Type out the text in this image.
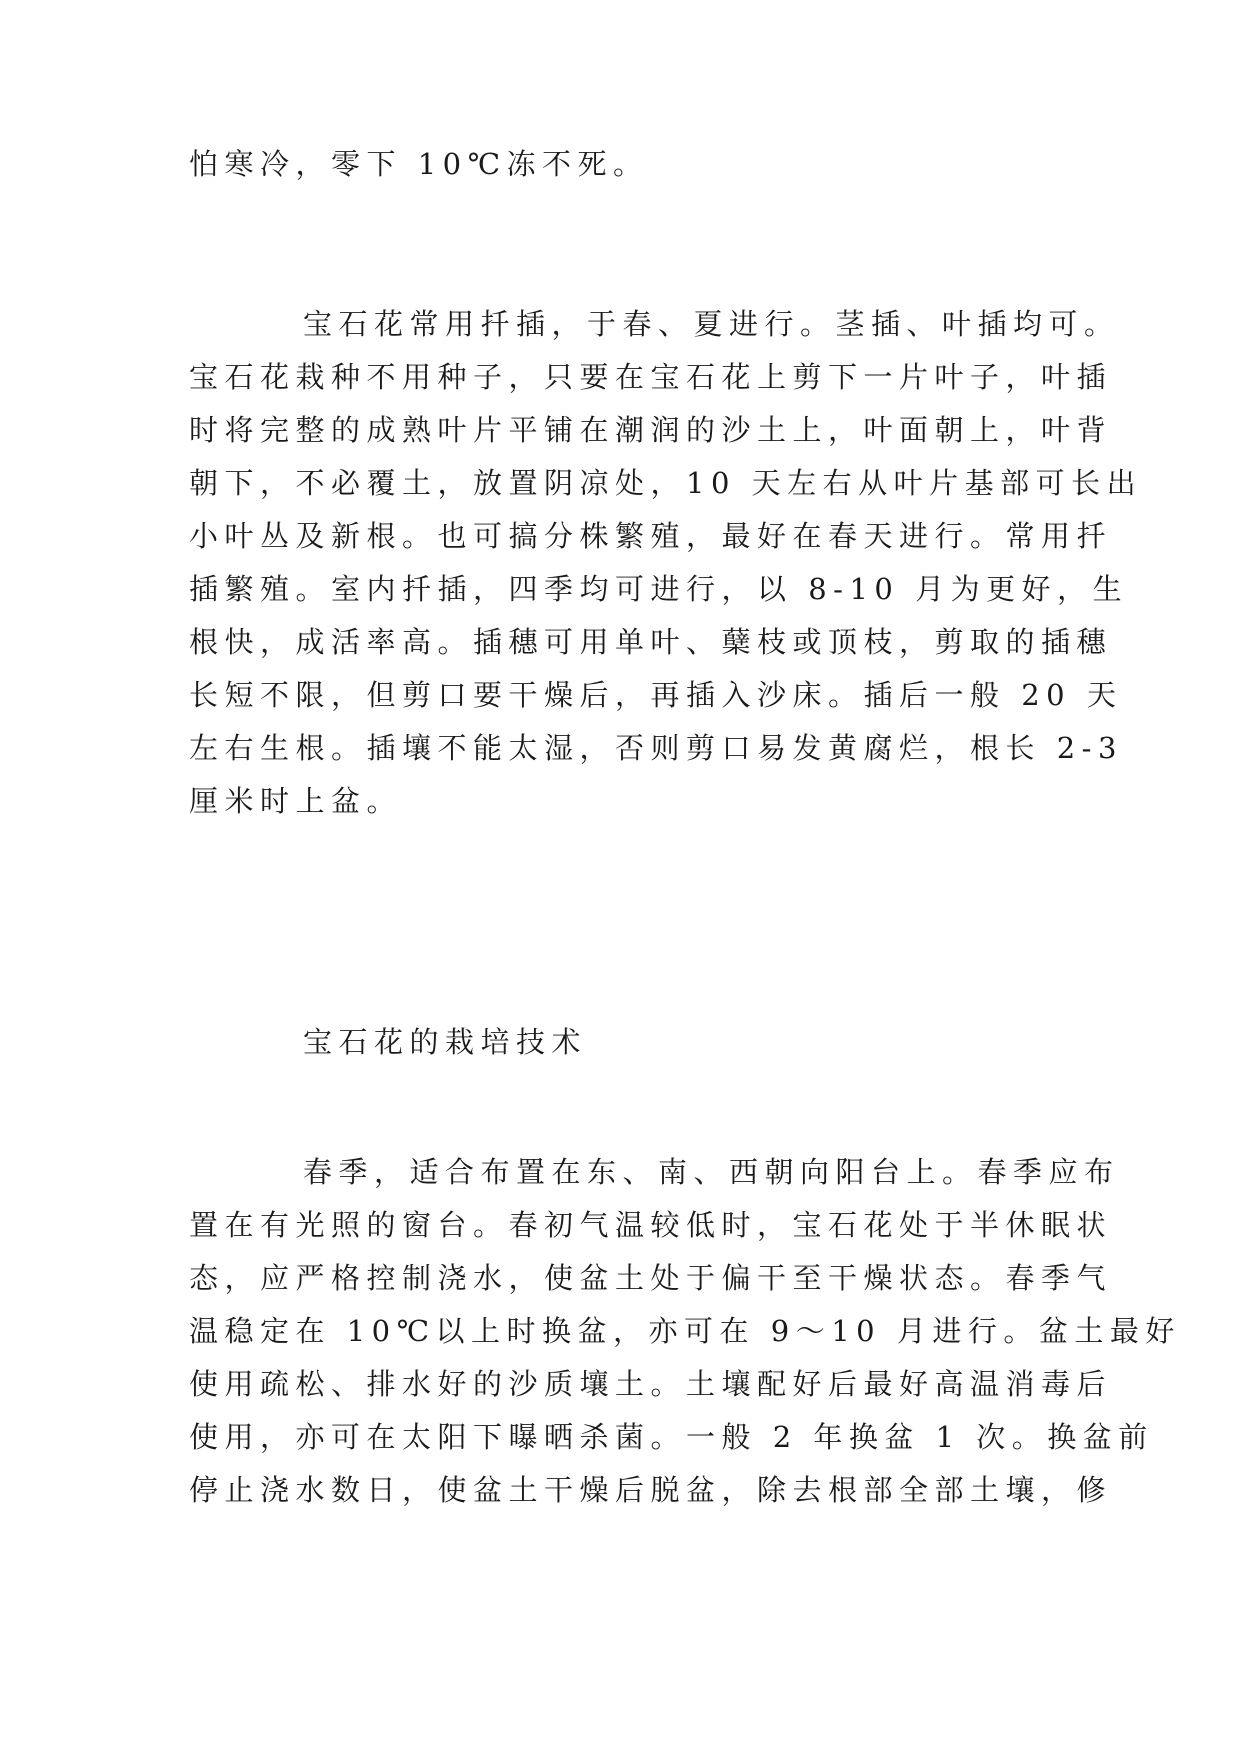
怕寒冷，零下 10℃冻不死。
宝石花常用扦插，于春、夏进行。茎插、叶插均可。
宝石花栽种不用种子，只要在宝石花上剪下一片叶子，叶插
时将完整的成熟叶片平铺在潮润的沙土上，叶面朝上，叶背
朝下，不必覆土，放置阴凉处，10 天左右从叶片基部可长出
小叶丛及新根。也可搞分株繁殖，最好在春天进行。常用扦
插繁殖。室内扦插，四季均可进行，以 8-10 月为更好，生
根快，成活率高。插穗可用单叶、蘖枝或顶枝，剪取的插穗
长短不限，但剪口要干燥后，再插入沙床。插后一般 20 天
左右生根。插壤不能太湿，否则剪口易发黄腐烂，根长 2-3
厘米时上盆。
宝石花的栽培技术
春季，适合布置在东、南、西朝向阳台上。春季应布
置在有光照的窗台。春初气温较低时，宝石花处于半休眠状
态，应严格控制浇水，使盆土处于偏干至干燥状态。春季气
温稳定在 10℃以上时换盆，亦可在 9～10 月进行。盆土最好
使用疏松、排水好的沙质壤土。土壤配好后最好高温消毒后
使用，亦可在太阳下曝晒杀菌。一般 2 年换盆 1 次。换盆前
停止浇水数日，使盆土干燥后脱盆，除去根部全部土壤，修
